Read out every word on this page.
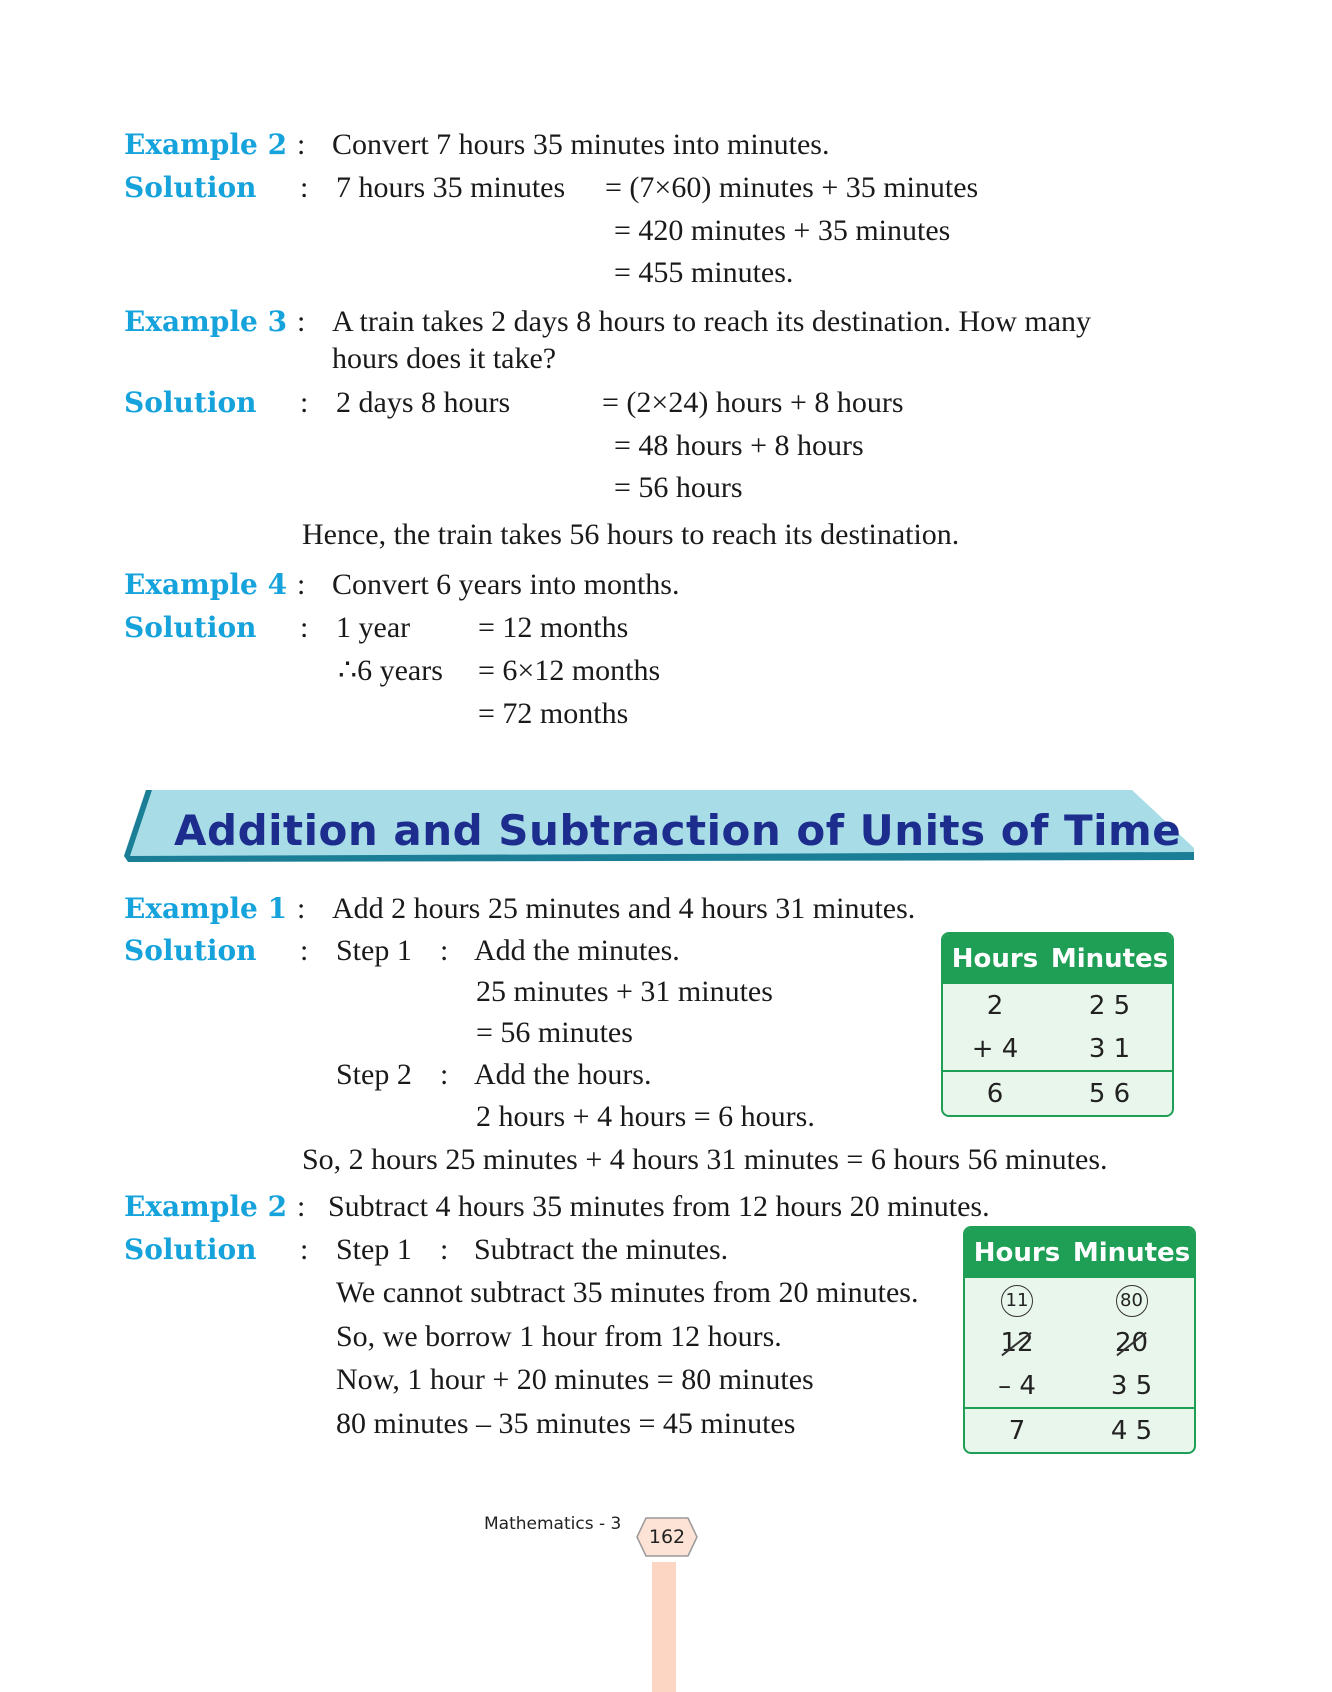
Example 2 : Convert 7 hours 35 minutes into minutes.
Solution : 7 hours 35 minutes = (7×60) minutes + 35 minutes
= 420 minutes + 35 minutes
= 455 minutes.
Example 3 : A train takes 2 days 8 hours to reach its destination. How many
hours does it take?
Solution : 2 days 8 hours	= (2×24) hours + 8 hours
= 48 hours + 8 hours
= 56 hours
Hence, the train takes 56 hours to reach its destination.
Example 4 : Convert 6 years into months.
Solution : 1 year = 12 months
∴6 years = 6×12 months
= 72 months
Addition and Subtraction of Units of Time
Example 1 : Add 2 hours 25 minutes and 4 hours 31 minutes.
Solution : Step 1 : Add the minutes.
25 minutes + 31 minutes
= 56 minutes
Step 2 : Add the hours.
2 hours + 4 hours = 6 hours.
So, 2 hours 25 minutes + 4 hours 31 minutes = 6 hours 56 minutes.
Hours Minutes
2	2 5
+ 4	3 1
6	5 6
Example 2 : Subtract 4 hours 35 minutes from 12 hours 20 minutes.
Solution : Step 1 : Subtract the minutes.
We cannot subtract 35 minutes from 20 minutes.
So, we borrow 1 hour from 12 hours.
Now, 1 hour + 20 minutes = 80 minutes
80 minutes – 35 minutes = 45 minutes
Hours Minutes
11	80
12	20
– 4	3 5
7	4 5
Mathematics - 3
162
